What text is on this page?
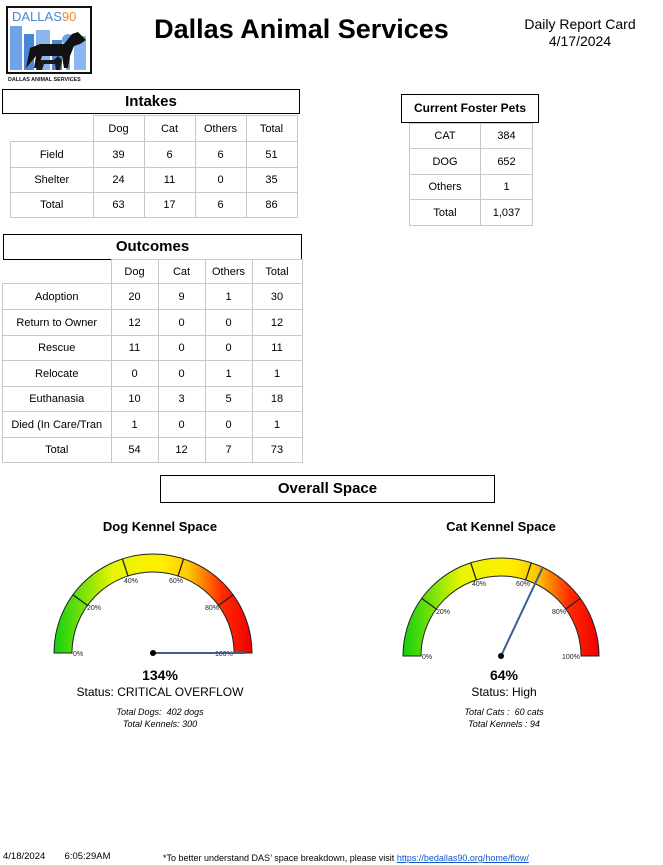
DALLAS90
DALLAS ANIMAL SERVICES
Dallas Animal Services	Daily Report Card
4/17/2024
Intakes
	Dog	Cat	Others	Total
Field	39	6	6	51
Shelter	24	11	0	35
Total	63	17	6	86
Current Foster Pets
CAT	384
DOG	652
Others	1
Total	1,037
Outcomes
	Dog	Cat	Others	Total
Adoption	20	9	1	30
Return to Owner	12	0	0	12
Rescue	11	0	0	11
Relocate	0	0	1	1
Euthanasia	10	3	5	18
Died (In Care/Tran	1	0	0	1
Total	54	12	7	73
Overall Space
Dog Kennel Space
0%
20%
40%	60%
80%
100%
134%
Status: CRITICAL OVERFLOW
Total Dogs:  402 dogs
Total Kennels: 300
Cat Kennel Space
0%
20%
40%	60%
80%
100%
64%
Status: High
Total Cats :  60 cats
Total Kennels : 94
4/18/2024 6:05:29AM	*To better understand DAS’ space breakdown, please visit https://bedallas90.org/home/flow/
